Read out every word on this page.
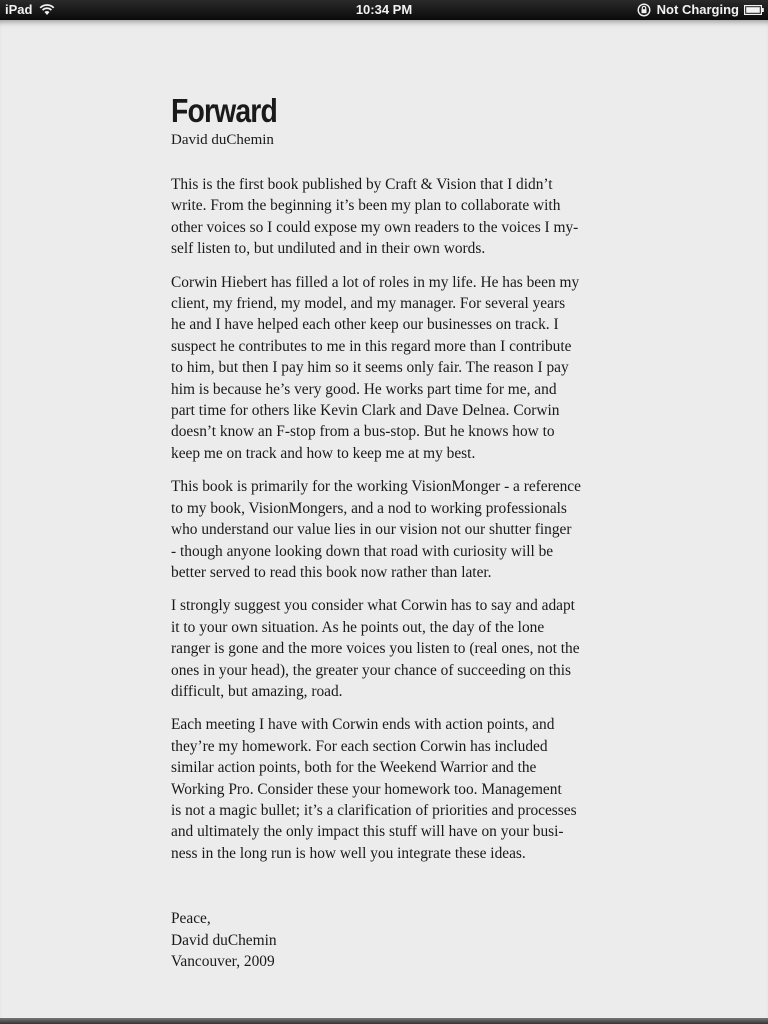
iPad	10:34 PM	Not Charging
Forward

David duChemin

This is the first book published by Craft & Vision that I didn’t
write. From the beginning it’s been my plan to collaborate with
other voices so I could expose my own readers to the voices I my-
self listen to, but undiluted and in their own words.

Corwin Hiebert has filled a lot of roles in my life. He has been my
client, my friend, my model, and my manager. For several years
he and I have helped each other keep our businesses on track. I
suspect he contributes to me in this regard more than I contribute
to him, but then I pay him so it seems only fair. The reason I pay
him is because he’s very good. He works part time for me, and
part time for others like Kevin Clark and Dave Delnea. Corwin
doesn’t know an F-stop from a bus-stop. But he knows how to
keep me on track and how to keep me at my best.

This book is primarily for the working VisionMonger - a reference
to my book, VisionMongers, and a nod to working professionals
who understand our value lies in our vision not our shutter finger
- though anyone looking down that road with curiosity will be
better served to read this book now rather than later.

I strongly suggest you consider what Corwin has to say and adapt
it to your own situation. As he points out, the day of the lone
ranger is gone and the more voices you listen to (real ones, not the
ones in your head), the greater your chance of succeeding on this
difficult, but amazing, road.

Each meeting I have with Corwin ends with action points, and
they’re my homework. For each section Corwin has included
similar action points, both for the Weekend Warrior and the
Working Pro. Consider these your homework too. Management
is not a magic bullet; it’s a clarification of priorities and processes
and ultimately the only impact this stuff will have on your busi-
ness in the long run is how well you integrate these ideas.

Peace,
David duChemin
Vancouver, 2009
